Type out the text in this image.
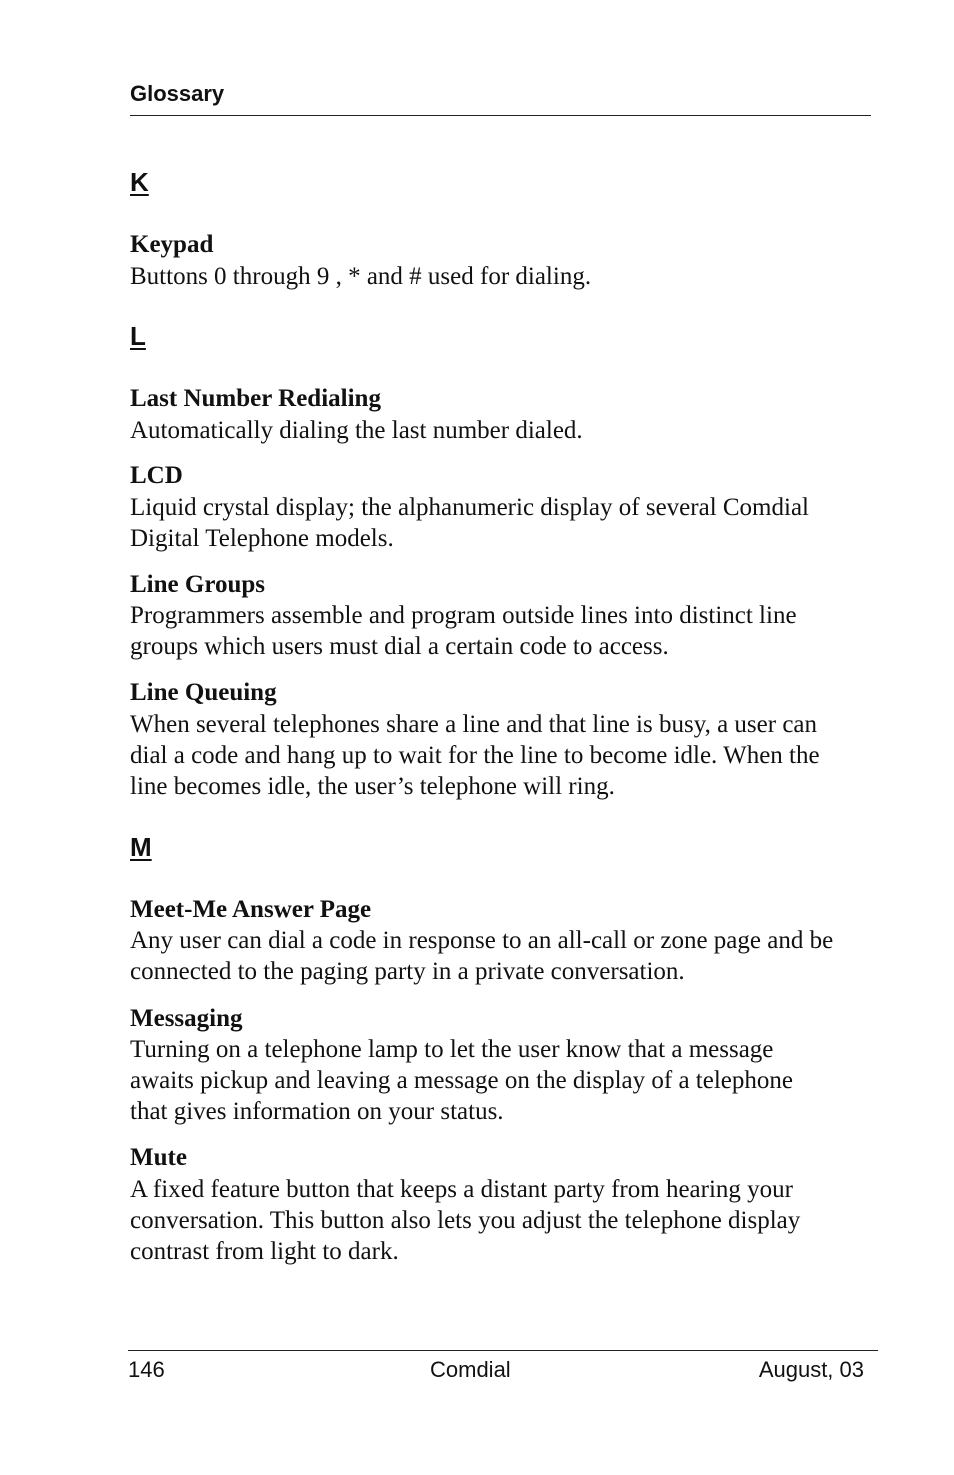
Glossary
K
Keypad
Buttons 0 through 9 , * and # used for dialing.
L
Last Number Redialing
Automatically dialing the last number dialed.
LCD
Liquid crystal display; the alphanumeric display of several Comdial
Digital Telephone models.
Line Groups
Programmers assemble and program outside lines into distinct line
groups which users must dial a certain code to access.
Line Queuing
When several telephones share a line and that line is busy, a user can
dial a code and hang up to wait for the line to become idle. When the
line becomes idle, the user’s telephone will ring.
M
Meet-Me Answer Page
Any user can dial a code in response to an all-call or zone page and be
connected to the paging party in a private conversation.
Messaging
Turning on a telephone lamp to let the user know that a message
awaits pickup and leaving a message on the display of a telephone
that gives information on your status.
Mute
A fixed feature button that keeps a distant party from hearing your
conversation. This button also lets you adjust the telephone display
contrast from light to dark.
146	Comdial	August, 03
